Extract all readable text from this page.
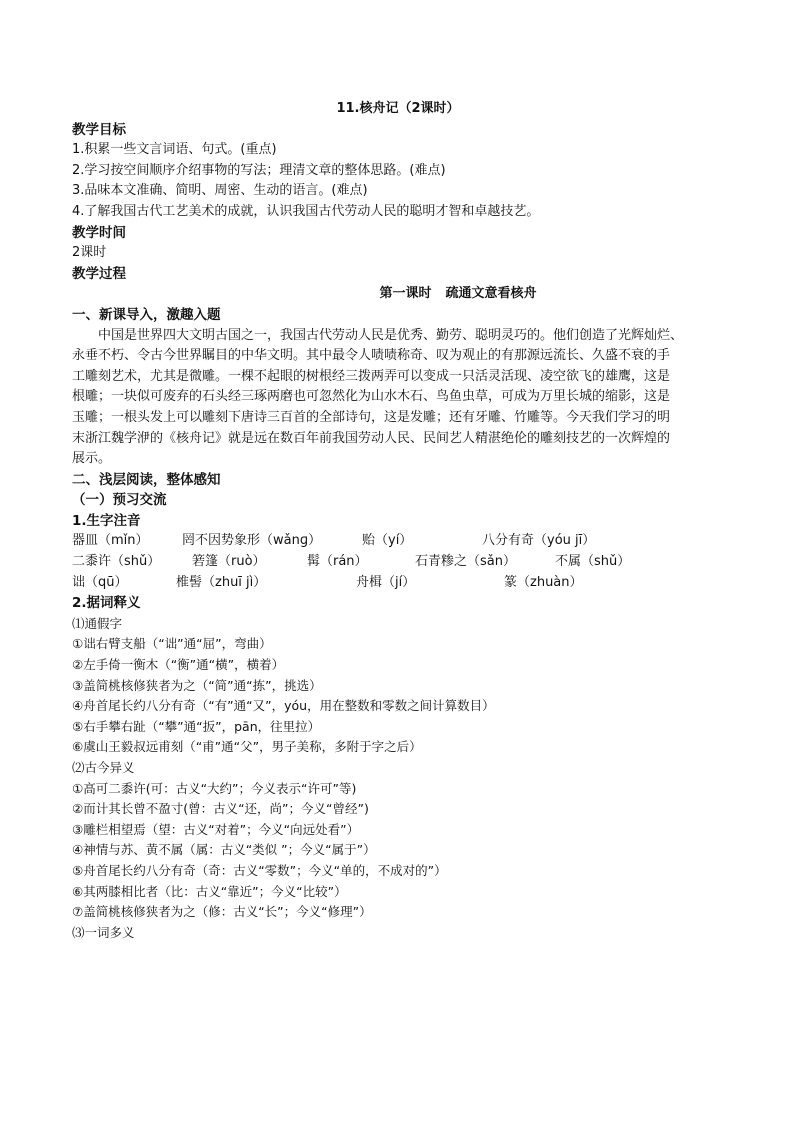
11.核舟记（2课时）
教学目标
1.积累一些文言词语、句式。(重点)
2.学习按空间顺序介绍事物的写法；理清文章的整体思路。(难点)
3.品味本文准确、简明、周密、生动的语言。(难点)
4.了解我国古代工艺美术的成就，认识我国古代劳动人民的聪明才智和卓越技艺。
教学时间
2课时
教学过程
第一课时 疏通文意看核舟
一、新课导入，激趣入题
中国是世界四大文明古国之一，我国古代劳动人民是优秀、勤劳、聪明灵巧的。他们创造了光辉灿烂、
永垂不朽、令古今世界瞩目的中华文明。其中最令人啧啧称奇、叹为观止的有那源远流长、久盛不衰的手
工雕刻艺术，尤其是微雕。一棵不起眼的树根经三拨两弄可以变成一只活灵活现、凌空欲飞的雄鹰，这是
根雕；一块似可废弃的石头经三琢两磨也可忽然化为山水木石、鸟鱼虫草，可成为万里长城的缩影，这是
玉雕；一根头发上可以雕刻下唐诗三百首的全部诗句，这是发雕；还有牙雕、竹雕等。今天我们学习的明
末浙江魏学洢的《核舟记》就是远在数百年前我国劳动人民、民间艺人精湛绝伦的雕刻技艺的一次辉煌的
展示。
二、浅层阅读，整体感知
（一）预习交流
1.生字注音
器皿（mǐn）	罔不因势象形（wǎnɡ）	贻（yí）	八分有奇（yóu jī）
二黍许（shǔ）	箬篷（ruò）	髯（rán）	石青糁之（sǎn）	不属（shǔ）
诎（qū）	椎髻（zhuī jì）	舟楫（jí）	篆（zhuàn）
2.据词释义
⑴通假字
①诎右臂支船（“诎”通“屈”，弯曲）
②左手倚一衡木（“衡”通“横”，横着）
③盖简桃核修狭者为之（“简”通“拣”，挑选）
④舟首尾长约八分有奇（“有”通“又”，yóu，用在整数和零数之间计算数目）
⑤右手攀右趾（“攀”通“扳”，pān，往里拉）
⑥虞山王毅叔远甫刻（“甫”通“父”，男子美称，多附于字之后）
⑵古今异义
①高可二黍许(可：古义“大约”；今义表示“许可”等)
②而计其长曾不盈寸(曾：古义“还，尚”；今义“曾经”)
③雕栏相望焉（望：古义“对着”；今义“向远处看”）
④神情与苏、黄不属（属：古义“类似 ”；今义“属于”）
⑤舟首尾长约八分有奇（奇：古义“零数”；今义“单的，不成对的”）
⑥其两膝相比者（比：古义“靠近”；今义“比较”）
⑦盖简桃核修狭者为之（修：古义“长”；今义“修理”）
⑶一词多义
